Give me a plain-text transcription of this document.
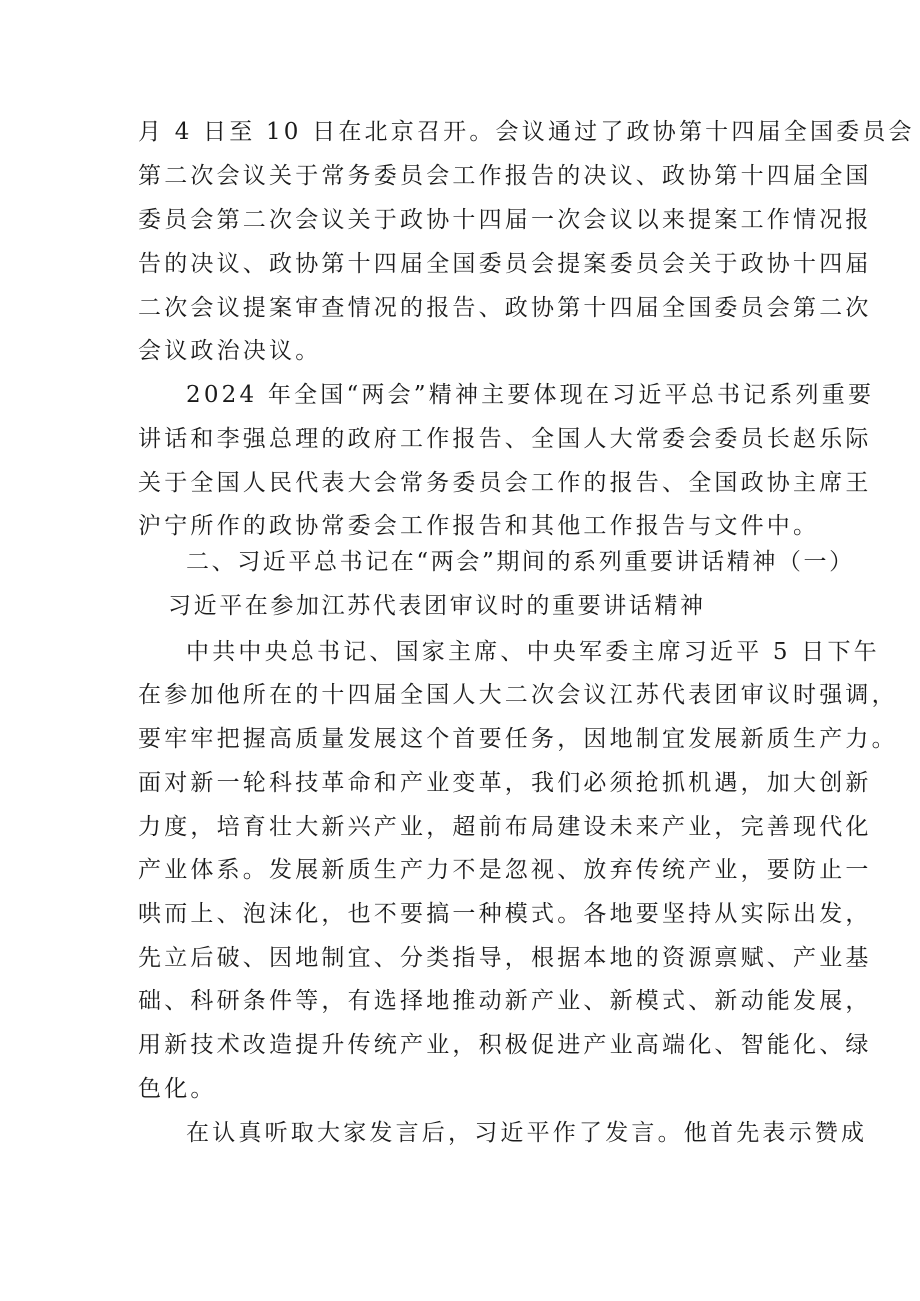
月 4 日至 10 日在北京召开。会议通过了政协第十四届全国委员会
第二次会议关于常务委员会工作报告的决议、政协第十四届全国
委员会第二次会议关于政协十四届一次会议以来提案工作情况报
告的决议、政协第十四届全国委员会提案委员会关于政协十四届
二次会议提案审查情况的报告、政协第十四届全国委员会第二次
会议政治决议。
2024 年全国“两会”精神主要体现在习近平总书记系列重要
讲话和李强总理的政府工作报告、全国人大常委会委员长赵乐际
关于全国人民代表大会常务委员会工作的报告、全国政协主席王
沪宁所作的政协常委会工作报告和其他工作报告与文件中。
二、习近平总书记在“两会”期间的系列重要讲话精神（一）
习近平在参加江苏代表团审议时的重要讲话精神
中共中央总书记、国家主席、中央军委主席习近平 5 日下午
在参加他所在的十四届全国人大二次会议江苏代表团审议时强调，
要牢牢把握高质量发展这个首要任务，因地制宜发展新质生产力。
面对新一轮科技革命和产业变革，我们必须抢抓机遇，加大创新
力度，培育壮大新兴产业，超前布局建设未来产业，完善现代化
产业体系。发展新质生产力不是忽视、放弃传统产业，要防止一
哄而上、泡沫化，也不要搞一种模式。各地要坚持从实际出发，
先立后破、因地制宜、分类指导，根据本地的资源禀赋、产业基
础、科研条件等，有选择地推动新产业、新模式、新动能发展，
用新技术改造提升传统产业，积极促进产业高端化、智能化、绿
色化。
在认真听取大家发言后，习近平作了发言。他首先表示赞成
